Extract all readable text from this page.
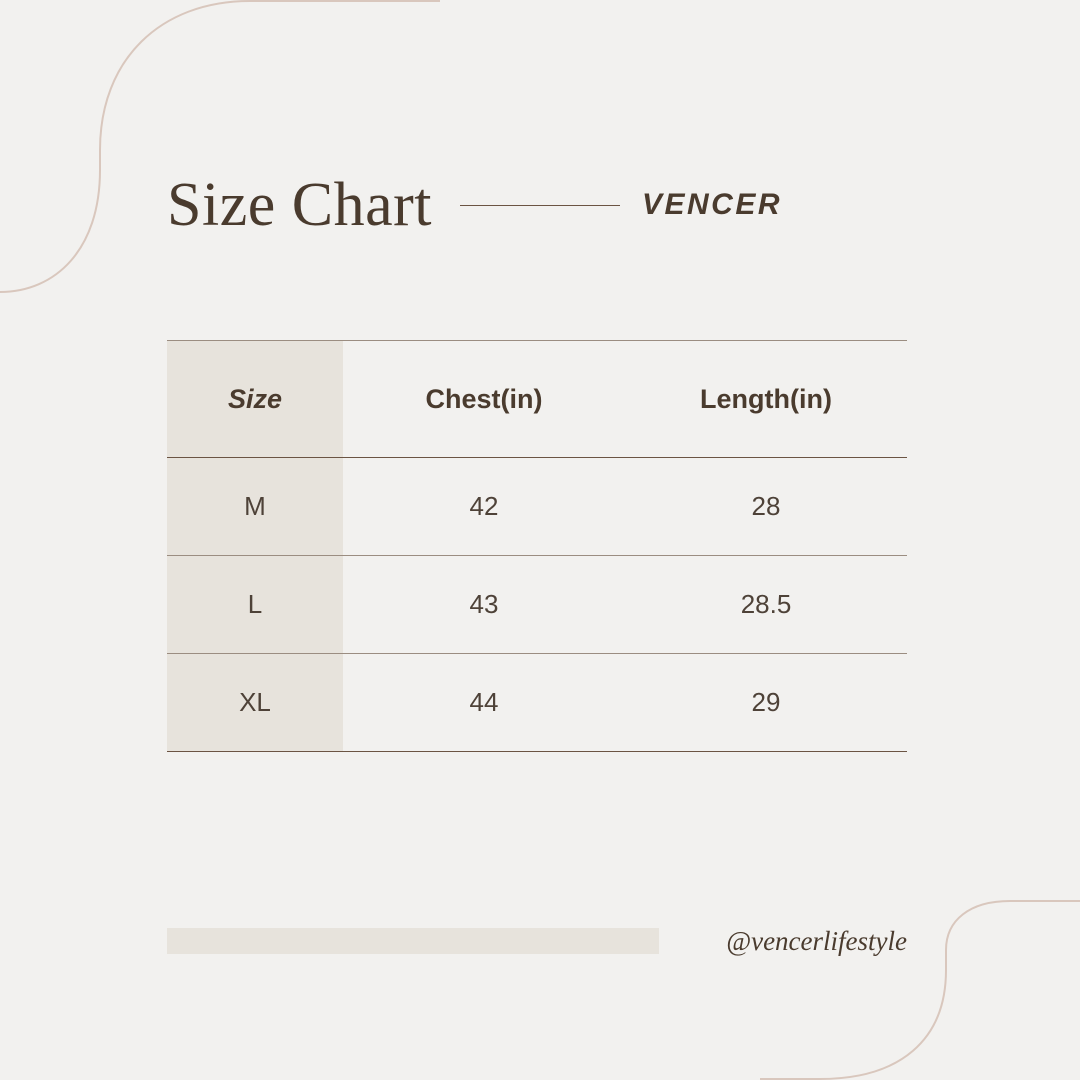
Size Chart	VENCER
Size	Chest(in)	Length(in)
M	42	28
L	43	28.5
XL	44	29
@vencerlifestyle
